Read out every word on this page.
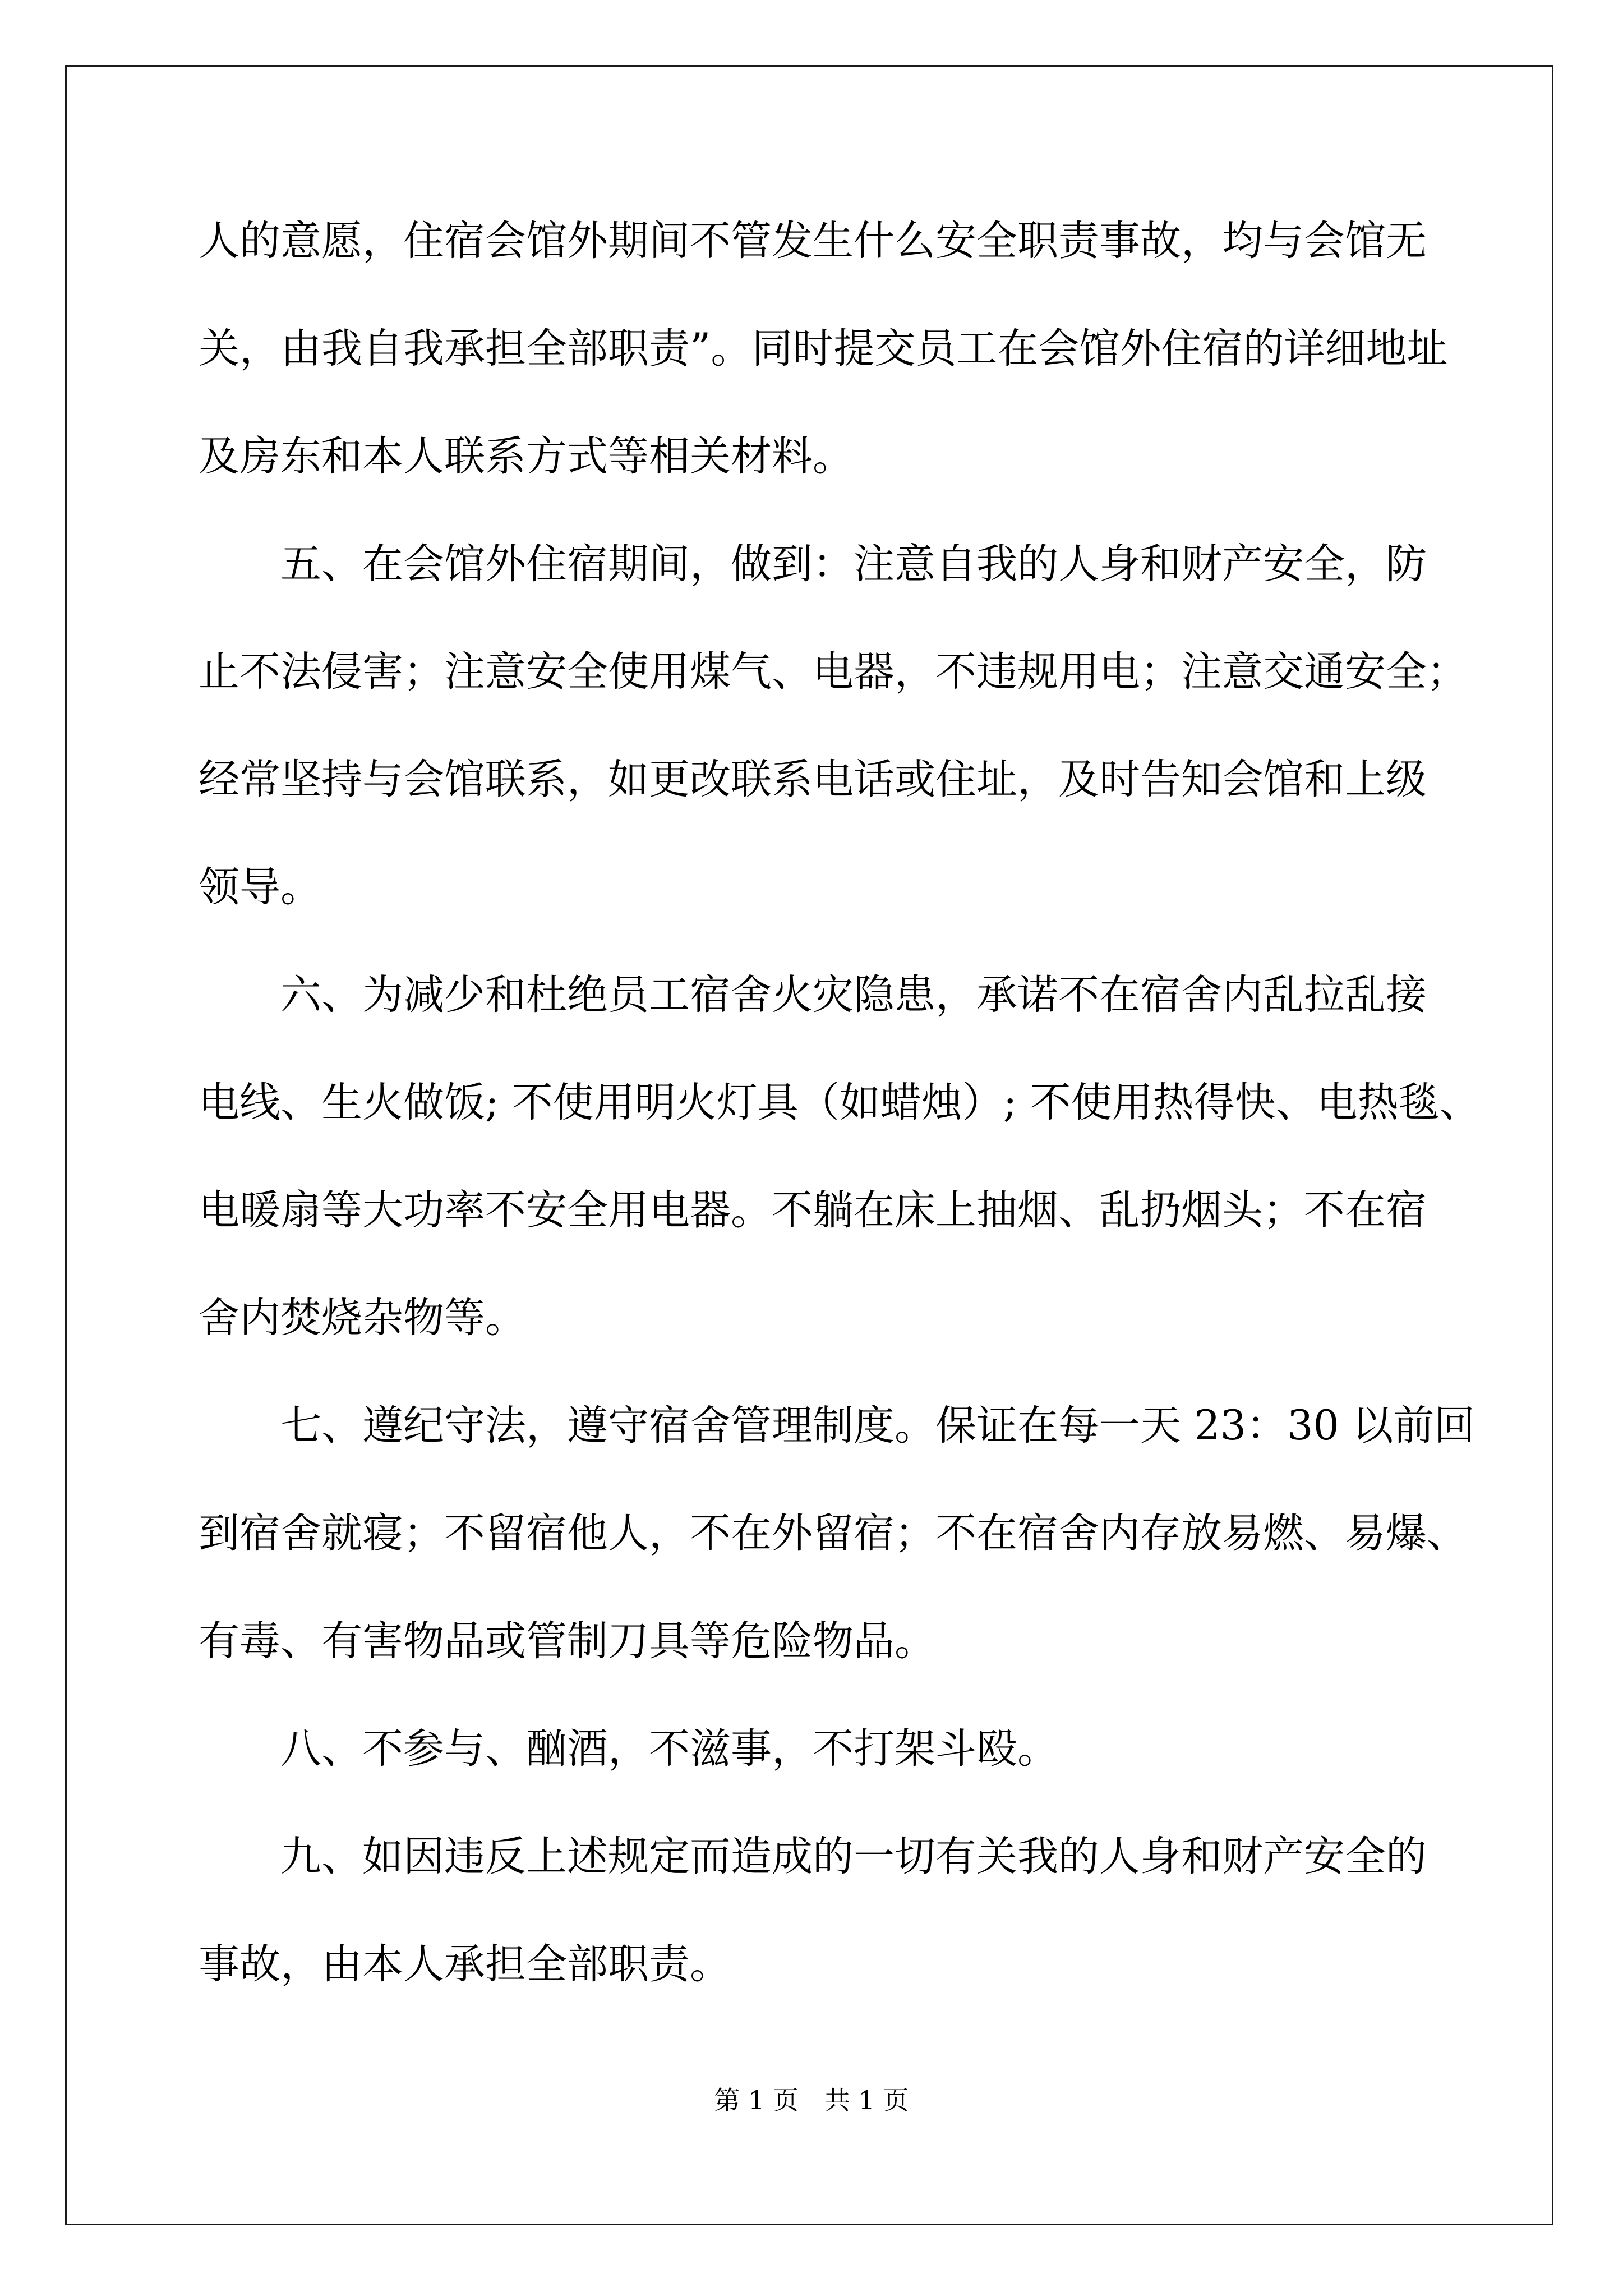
人的意愿，住宿会馆外期间不管发生什么安全职责事故，均与会馆无
关，由我自我承担全部职责”。同时提交员工在会馆外住宿的详细地址
及房东和本人联系方式等相关材料。
五、在会馆外住宿期间，做到：注意自我的人身和财产安全，防
止不法侵害；注意安全使用煤气、电器，不违规用电；注意交通安全；
经常坚持与会馆联系，如更改联系电话或住址，及时告知会馆和上级
领导。
六、为减少和杜绝员工宿舍火灾隐患，承诺不在宿舍内乱拉乱接
电线、生火做饭; 不使用明火灯具（如蜡烛）; 不使用热得快、电热毯、
电暖扇等大功率不安全用电器。不躺在床上抽烟、乱扔烟头；不在宿
舍内焚烧杂物等。
七、遵纪守法，遵守宿舍管理制度。保证在每一天 23：30 以前回
到宿舍就寝；不留宿他人，不在外留宿；不在宿舍内存放易燃、易爆、
有毒、有害物品或管制刀具等危险物品。
八、不参与、酗酒，不滋事，不打架斗殴。
九、如因违反上述规定而造成的一切有关我的人身和财产安全的
事故，由本人承担全部职责。
第 1 页 共 1 页
